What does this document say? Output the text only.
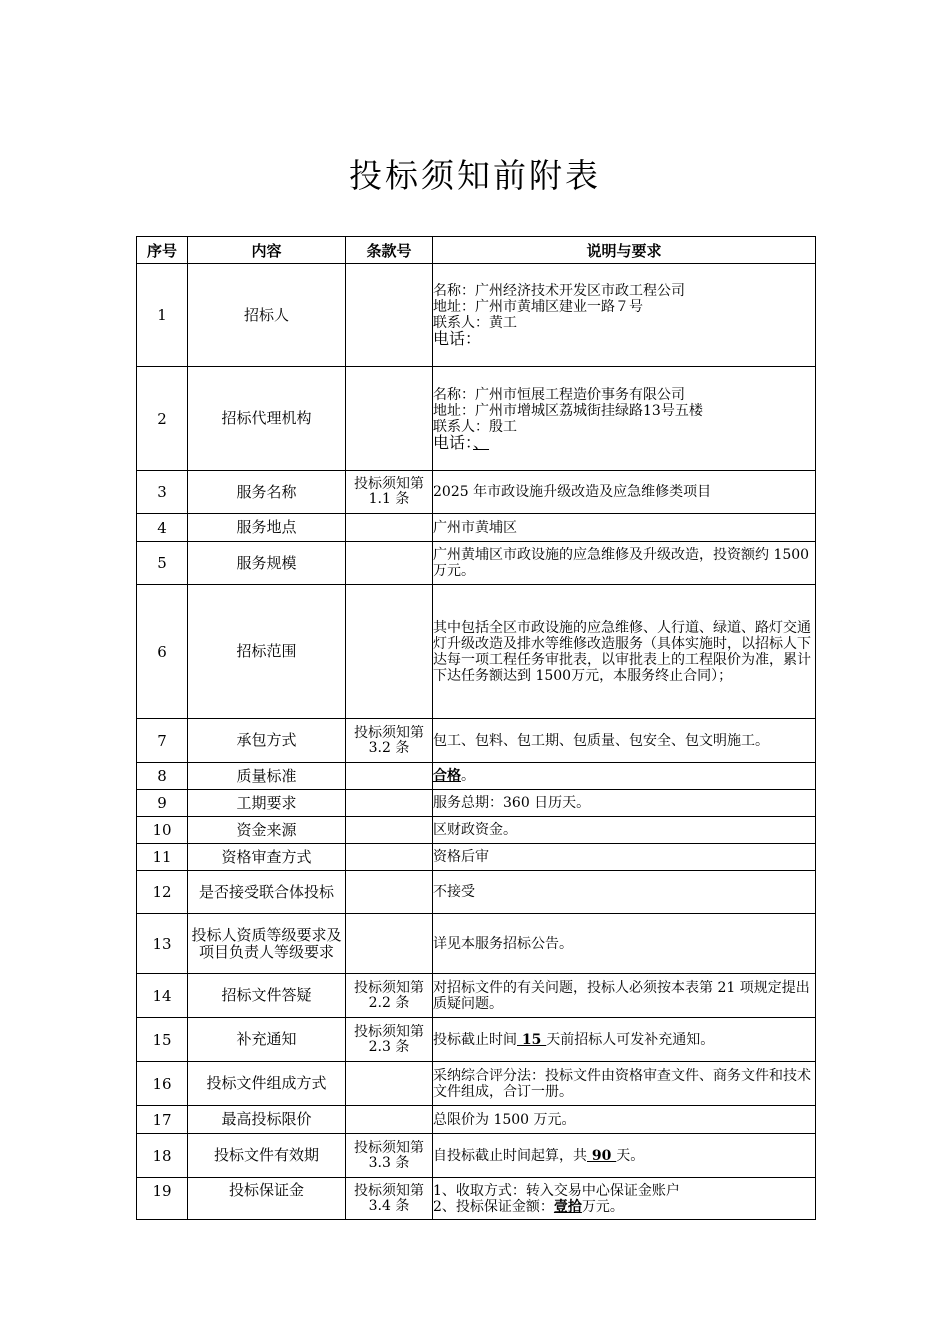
投标须知前附表
序号	内容	条款号	说明与要求
1	招标人		名称：广州经济技术开发区市政工程公司
地址：广州市黄埔区建业一路７号
联系人：黄工
电话：

2	招标代理机构		名称：广州市恒展工程造价事务有限公司
地址：广州市增城区荔城街挂绿路13号五楼
联系人：殷工
电话：、

3	服务名称	投标须知第 1.1 条	2025 年市政设施升级改造及应急维修类项目
4	服务地点		广州市黄埔区
5	服务规模		广州黄埔区市政设施的应急维修及升级改造，投资额约 1500 万元。
6	招标范围		其中包括全区市政设施的应急维修、人行道、绿道、路灯交通灯升级改造及排水等维修改造服务（具体实施时，以招标人下达每一项工程任务审批表，以审批表上的工程限价为准，累计下达任务额达到 1500万元，本服务终止合同）；
7	承包方式	投标须知第 3.2 条	包工、包料、包工期、包质量、包安全、包文明施工。
8	质量标准		合格。
9	工期要求		服务总期：360 日历天。
10	资金来源		区财政资金。
11	资格审查方式		资格后审
12	是否接受联合体投标		不接受
13	投标人资质等级要求及项目负责人等级要求		详见本服务招标公告。
14	招标文件答疑	投标须知第 2.2 条	对招标文件的有关问题，投标人必须按本表第 21 项规定提出质疑问题。
15	补充通知	投标须知第 2.3 条	投标截止时间 15 天前招标人可发补充通知。
16	投标文件组成方式		采纳综合评分法：投标文件由资格审查文件、商务文件和技术文件组成，合订一册。
17	最高投标限价		总限价为 1500 万元。
18	投标文件有效期	投标须知第 3.3 条	自投标截止时间起算，共 90 天。
19	投标保证金	投标须知第 3.4 条	1、收取方式：转入交易中心保证金账户
2、投标保证金额：壹拾万元。
